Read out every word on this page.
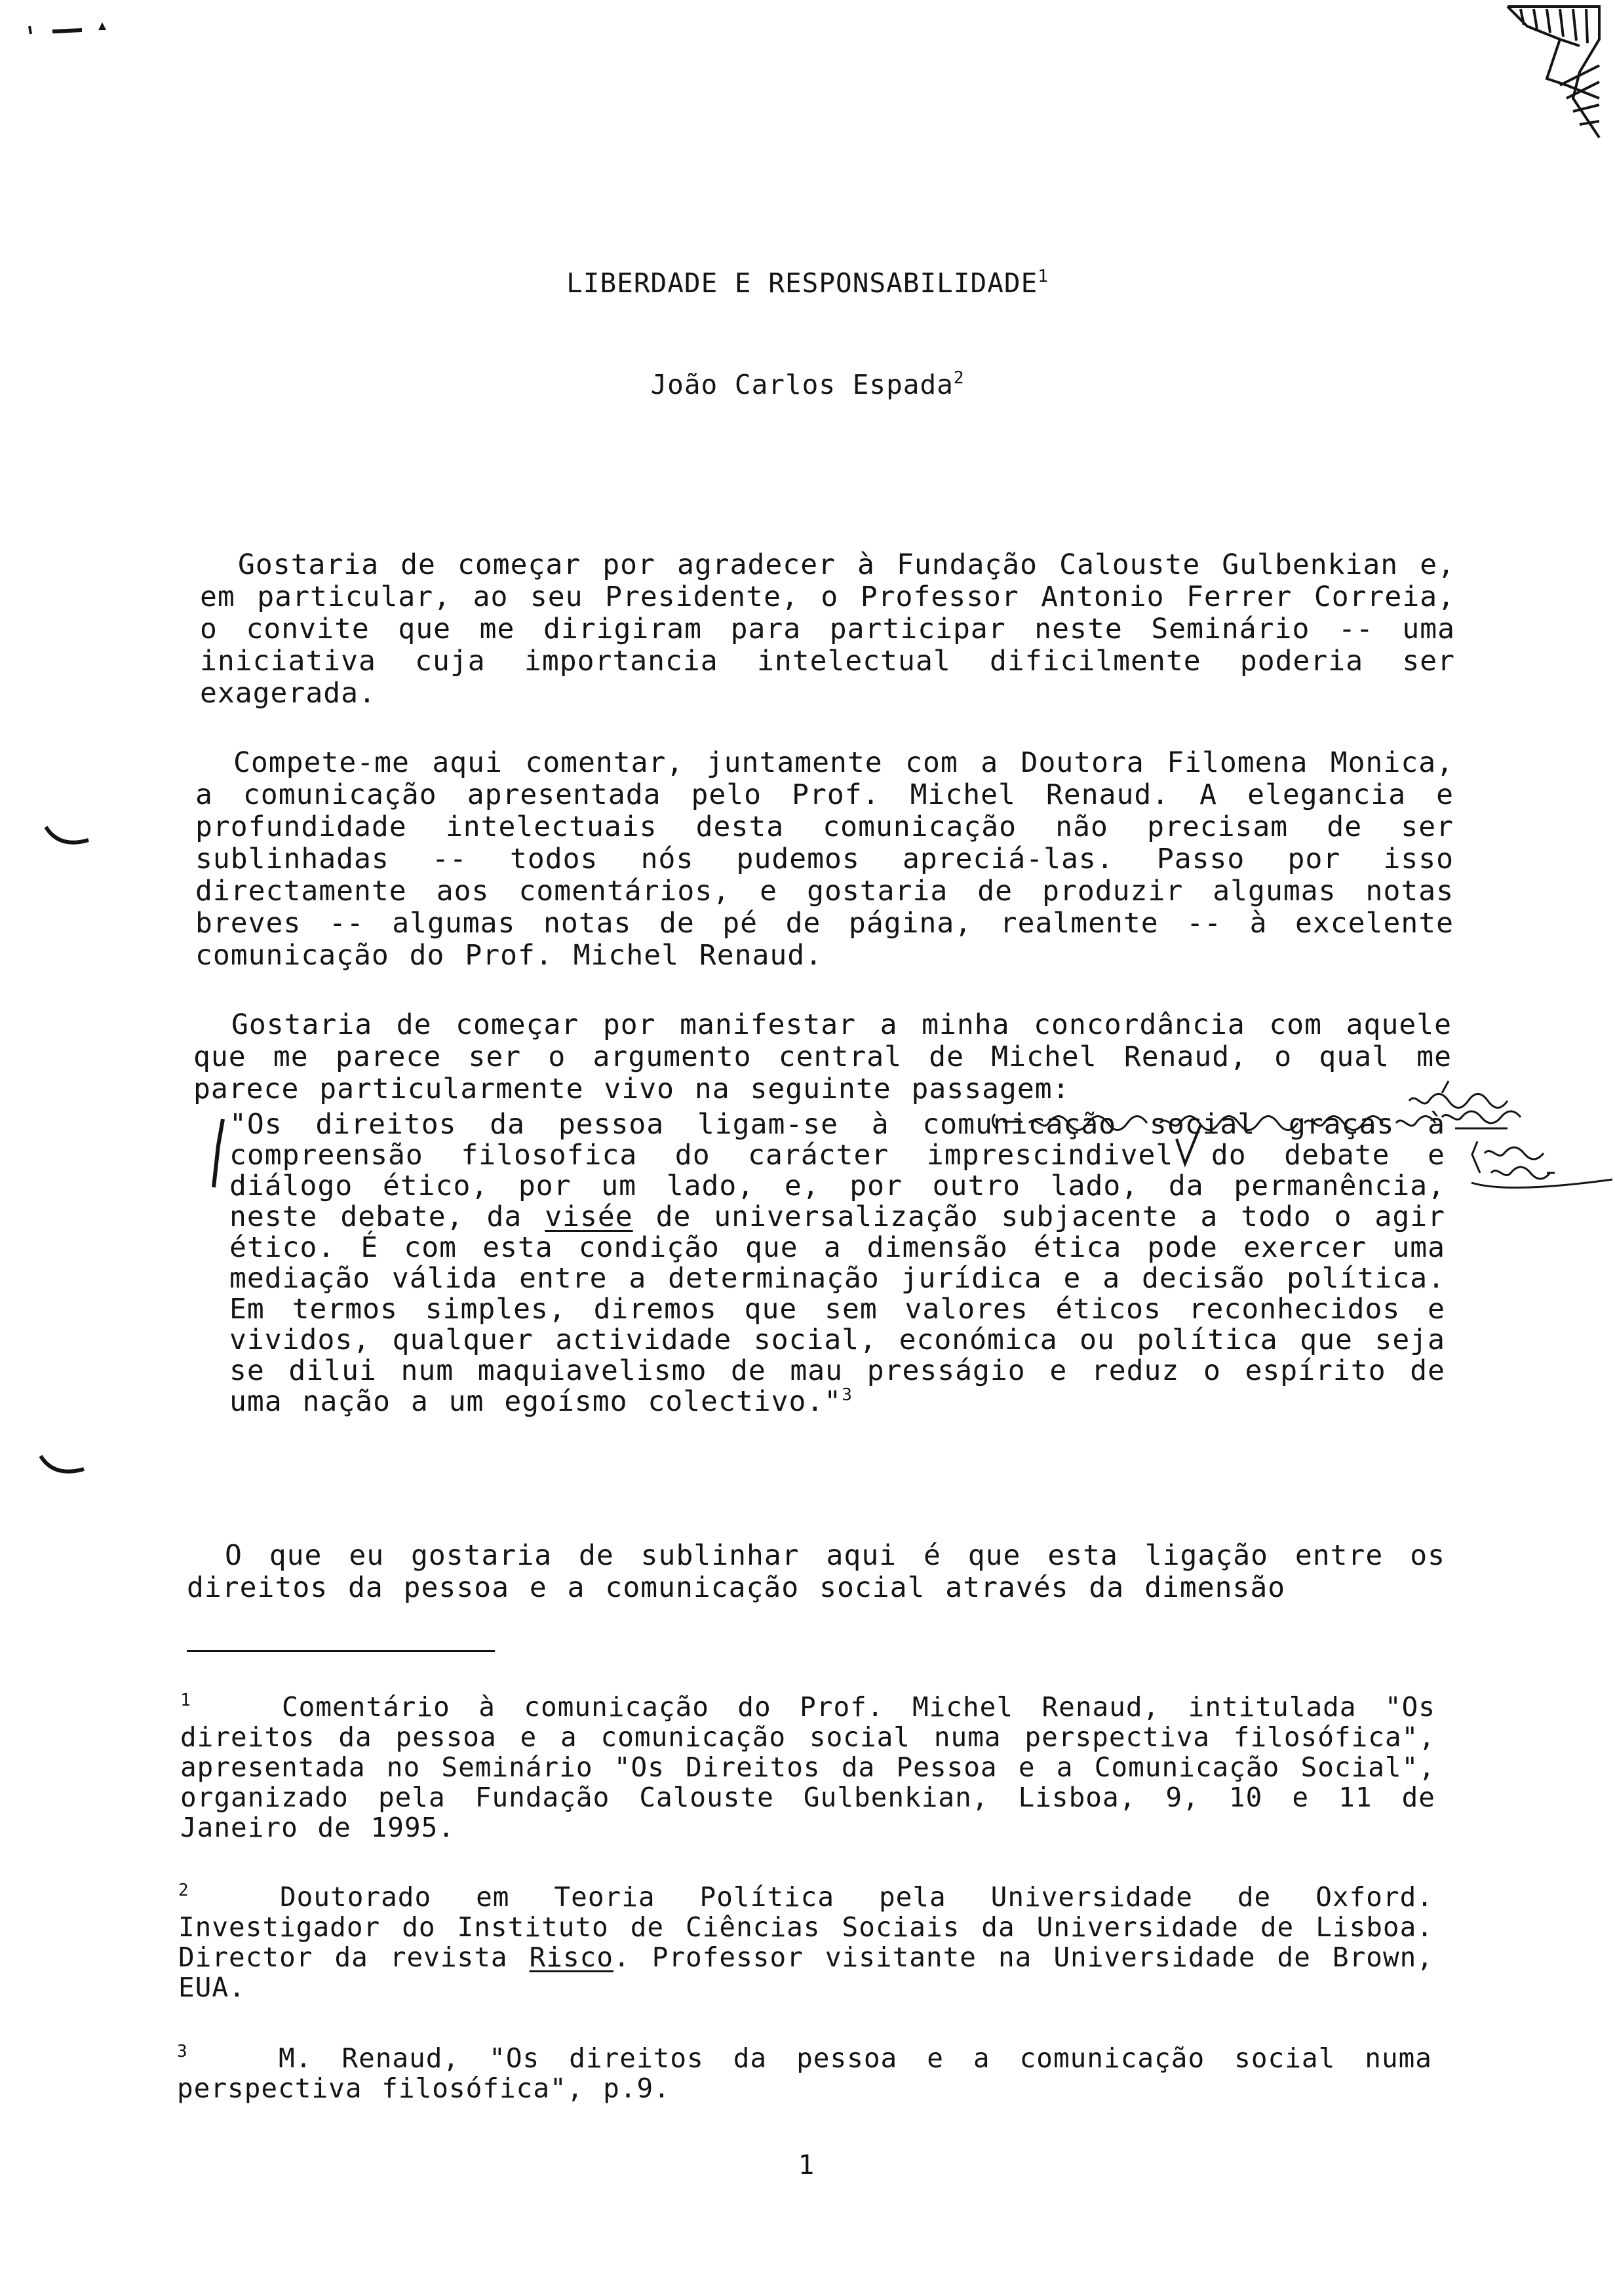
LIBERDADE E RESPONSABILIDADE$^1$
João Carlos Espada$^2$
Gostaria de começar por agradecer à Fundação Calouste Gulbenkian e, em particular, ao seu Presidente, o Professor Antonio Ferrer Correia, o convite que me dirigiram para participar neste Seminário -- uma iniciativa cuja importancia intelectual dificilmente poderia ser exagerada.
Compete-me aqui comentar, juntamente com a Doutora Filomena Monica, a comunicação apresentada pelo Prof. Michel Renaud. A elegancia e profundidade intelectuais desta comunicação não precisam de ser sublinhadas -- todos nós pudemos apreciá-las. Passo por isso directamente aos comentários, e gostaria de produzir algumas notas breves -- algumas notas de pé de página, realmente -- à excelente comunicação do Prof. Michel Renaud.
Gostaria de começar por manifestar a minha concordância com aquele que me parece ser o argumento central de Michel Renaud, o qual me parece particularmente vivo na seguinte passagem:
"Os direitos da pessoa ligam-se à comunicação social graças à compreensão filosofica do carácter imprescindivel do debate e diálogo ético, por um lado, e, por outro lado, da permanência, neste debate, da visée de universalização subjacente a todo o agir ético. É com esta condição que a dimensão ética pode exercer uma mediação válida entre a determinação jurídica e a decisão política. Em termos simples, diremos que sem valores éticos reconhecidos e vividos, qualquer actividade social, económica ou política que seja se dilui num maquiavelismo de mau presságio e reduz o espírito de uma nação a um egoísmo colectivo."$^3$
O que eu gostaria de sublinhar aqui é que esta ligação entre os direitos da pessoa e a comunicação social através da dimensão
$^1$	Comentário à comunicação do Prof. Michel Renaud, intitulada "Os direitos da pessoa e a comunicação social numa perspectiva filosófica", apresentada no Seminário "Os Direitos da Pessoa e a Comunicação Social", organizado pela Fundação Calouste Gulbenkian, Lisboa, 9, 10 e 11 de Janeiro de 1995.
$^2$	Doutorado em Teoria Política pela Universidade de Oxford. Investigador do Instituto de Ciências Sociais da Universidade de Lisboa. Director da revista Risco. Professor visitante na Universidade de Brown, EUA.
$^3$	M. Renaud, "Os direitos da pessoa e a comunicação social numa perspectiva filosófica", p.9.
1
